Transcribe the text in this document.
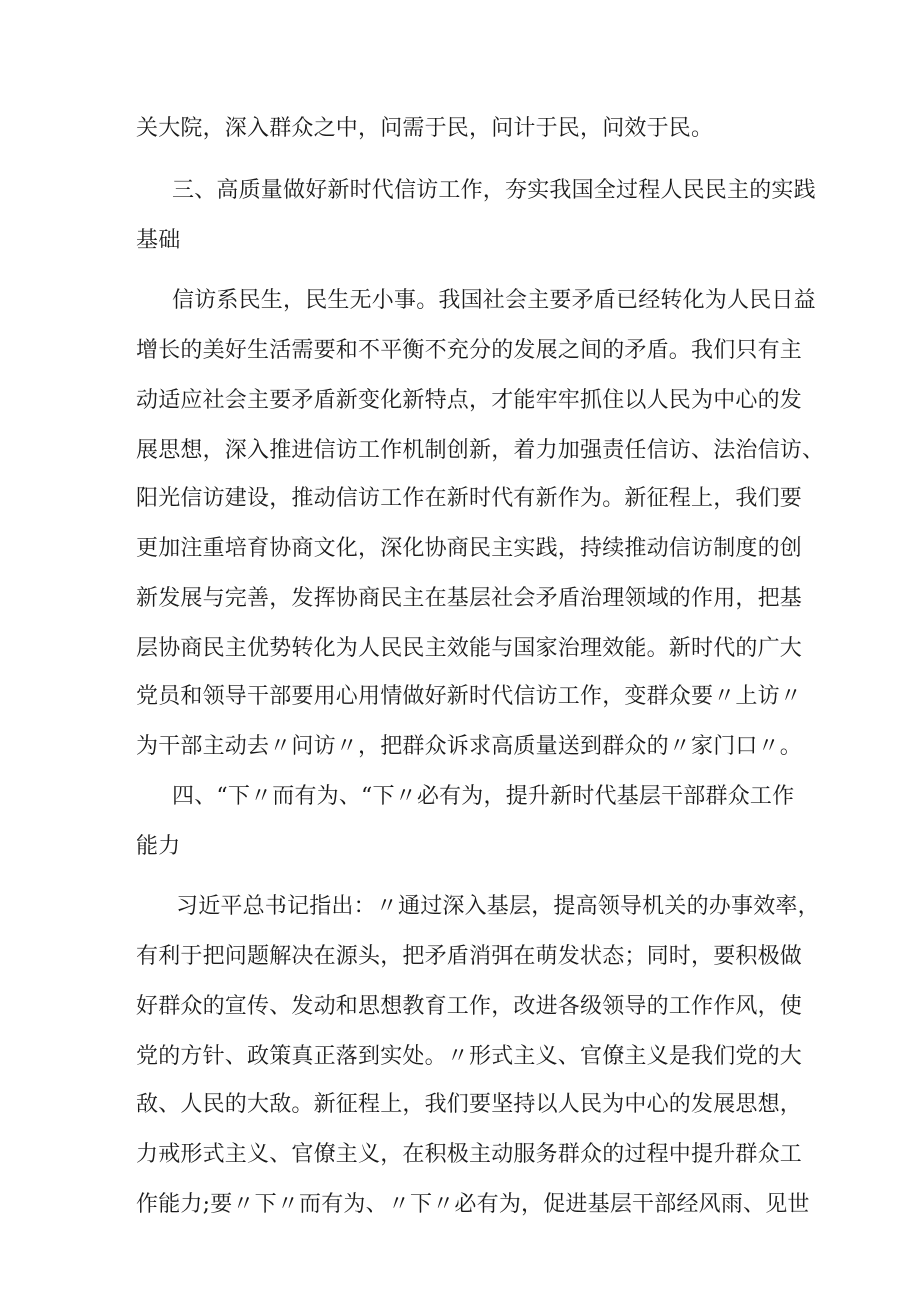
关大院，深入群众之中，问需于民，问计于民，问效于民。
三、高质量做好新时代信访工作，夯实我国全过程人民民主的实践
基础
信访系民生，民生无小事。我国社会主要矛盾已经转化为人民日益
增长的美好生活需要和不平衡不充分的发展之间的矛盾。我们只有主
动适应社会主要矛盾新变化新特点，才能牢牢抓住以人民为中心的发
展思想，深入推进信访工作机制创新，着力加强责任信访、法治信访、
阳光信访建设，推动信访工作在新时代有新作为。新征程上，我们要
更加注重培育协商文化，深化协商民主实践，持续推动信访制度的创
新发展与完善，发挥协商民主在基层社会矛盾治理领域的作用，把基
层协商民主优势转化为人民民主效能与国家治理效能。新时代的广大
党员和领导干部要用心用情做好新时代信访工作，变群众要〃上访〃
为干部主动去〃问访〃，把群众诉求高质量送到群众的〃家门口〃。
四、“下〃而有为、“下〃必有为，提升新时代基层干部群众工作
能力
习近平总书记指出：〃通过深入基层，提高领导机关的办事效率，
有利于把问题解决在源头，把矛盾消弭在萌发状态；同时，要积极做
好群众的宣传、发动和思想教育工作，改进各级领导的工作作风，使
党的方针、政策真正落到实处。〃形式主义、官僚主义是我们党的大
敌、人民的大敌。新征程上，我们要坚持以人民为中心的发展思想，
力戒形式主义、官僚主义，在积极主动服务群众的过程中提升群众工
作能力;要〃下〃而有为、〃下〃必有为，促进基层干部经风雨、见世
